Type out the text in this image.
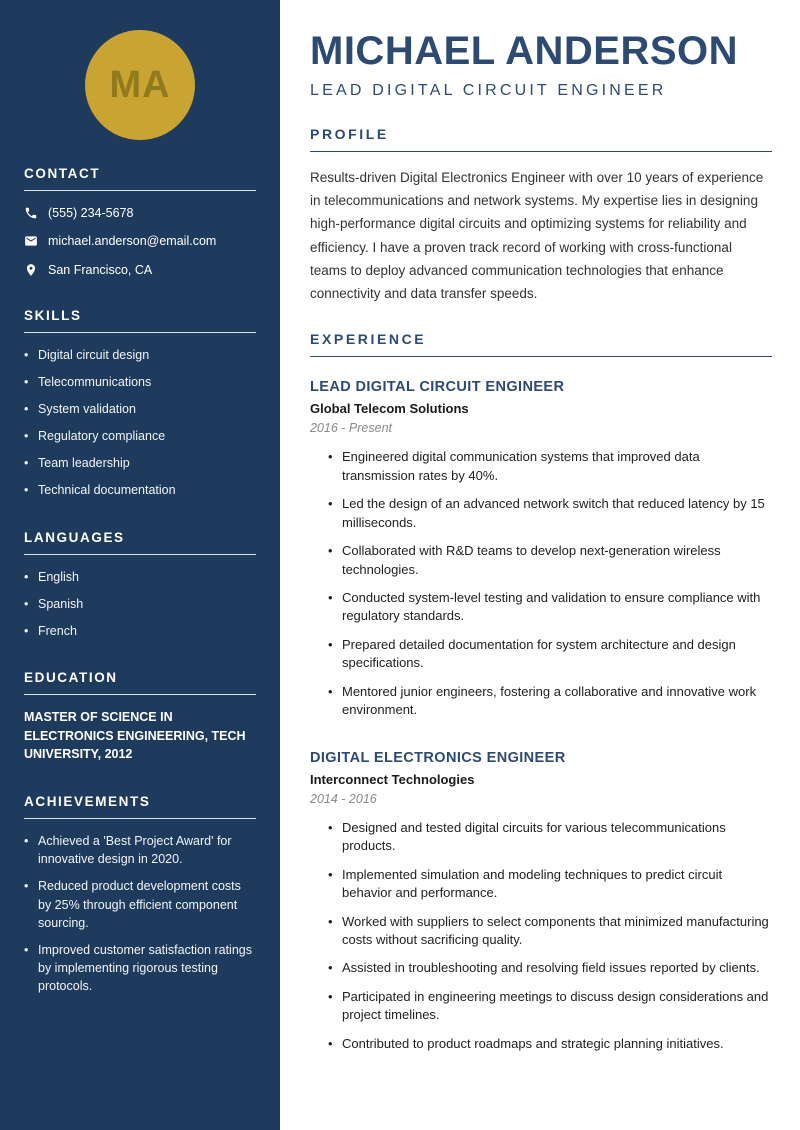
MA
CONTACT
(555) 234-5678
michael.anderson@email.com
San Francisco, CA
SKILLS
• Digital circuit design
• Telecommunications
• System validation
• Regulatory compliance
• Team leadership
• Technical documentation
LANGUAGES
• English
• Spanish
• French
EDUCATION
MASTER OF SCIENCE IN ELECTRONICS ENGINEERING, TECH UNIVERSITY, 2012
ACHIEVEMENTS
• Achieved a 'Best Project Award' for innovative design in 2020.
• Reduced product development costs by 25% through efficient component sourcing.
• Improved customer satisfaction ratings by implementing rigorous testing protocols.
MICHAEL ANDERSON
LEAD DIGITAL CIRCUIT ENGINEER
PROFILE

Results-driven Digital Electronics Engineer with over 10 years of experience in telecommunications and network systems. My expertise lies in designing high-performance digital circuits and optimizing systems for reliability and efficiency. I have a proven track record of working with cross-functional teams to deploy advanced communication technologies that enhance connectivity and data transfer speeds.

EXPERIENCE
LEAD DIGITAL CIRCUIT ENGINEER
Global Telecom Solutions
2016 - Present
• Engineered digital communication systems that improved data transmission rates by 40%.
• Led the design of an advanced network switch that reduced latency by 15 milliseconds.
• Collaborated with R&D teams to develop next-generation wireless technologies.
• Conducted system-level testing and validation to ensure compliance with regulatory standards.
• Prepared detailed documentation for system architecture and design specifications.
• Mentored junior engineers, fostering a collaborative and innovative work environment.
DIGITAL ELECTRONICS ENGINEER
Interconnect Technologies
2014 - 2016
• Designed and tested digital circuits for various telecommunications products.
• Implemented simulation and modeling techniques to predict circuit behavior and performance.
• Worked with suppliers to select components that minimized manufacturing costs without sacrificing quality.
• Assisted in troubleshooting and resolving field issues reported by clients.
• Participated in engineering meetings to discuss design considerations and project timelines.
• Contributed to product roadmaps and strategic planning initiatives.
